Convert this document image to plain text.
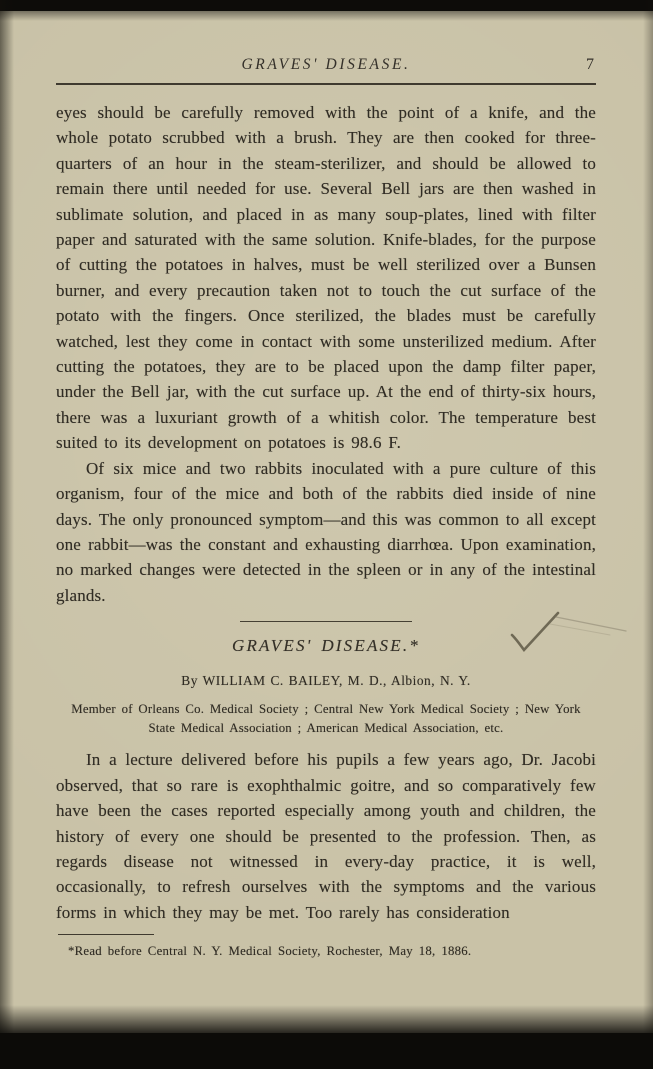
GRAVES' DISEASE.	7

eyes should be carefully removed with the point of a knife, and the whole potato scrubbed with a brush. They are then cooked for three-quarters of an hour in the steam-sterilizer, and should be allowed to remain there until needed for use. Several Bell jars are then washed in sublimate solution, and placed in as many soup-plates, lined with filter paper and saturated with the same solution. Knife-blades, for the purpose of cutting the potatoes in halves, must be well sterilized over a Bunsen burner, and every precaution taken not to touch the cut surface of the potato with the fingers. Once sterilized, the blades must be carefully watched, lest they come in contact with some unsterilized medium. After cutting the potatoes, they are to be placed upon the damp filter paper, under the Bell jar, with the cut surface up. At the end of thirty-six hours, there was a luxuriant growth of a whitish color. The temperature best suited to its development on potatoes is 98.6 F.

Of six mice and two rabbits inoculated with a pure culture of this organism, four of the mice and both of the rabbits died inside of nine days. The only pronounced symptom—and this was common to all except one rabbit—was the constant and exhausting diarrhœa. Upon examination, no marked changes were detected in the spleen or in any of the intestinal glands.

GRAVES' DISEASE.*
By WILLIAM C. BAILEY, M. D., Albion, N. Y.
Member of Orleans Co. Medical Society ; Central New York Medical Society ; New York State Medical Association ; American Medical Association, etc.

In a lecture delivered before his pupils a few years ago, Dr. Jacobi observed, that so rare is exophthalmic goitre, and so comparatively few have been the cases reported especially among youth and children, the history of every one should be presented to the profession. Then, as regards disease not witnessed in every-day practice, it is well, occasionally, to refresh ourselves with the symptoms and the various forms in which they may be met. Too rarely has consideration

*Read before Central N. Y. Medical Society, Rochester, May 18, 1886.
